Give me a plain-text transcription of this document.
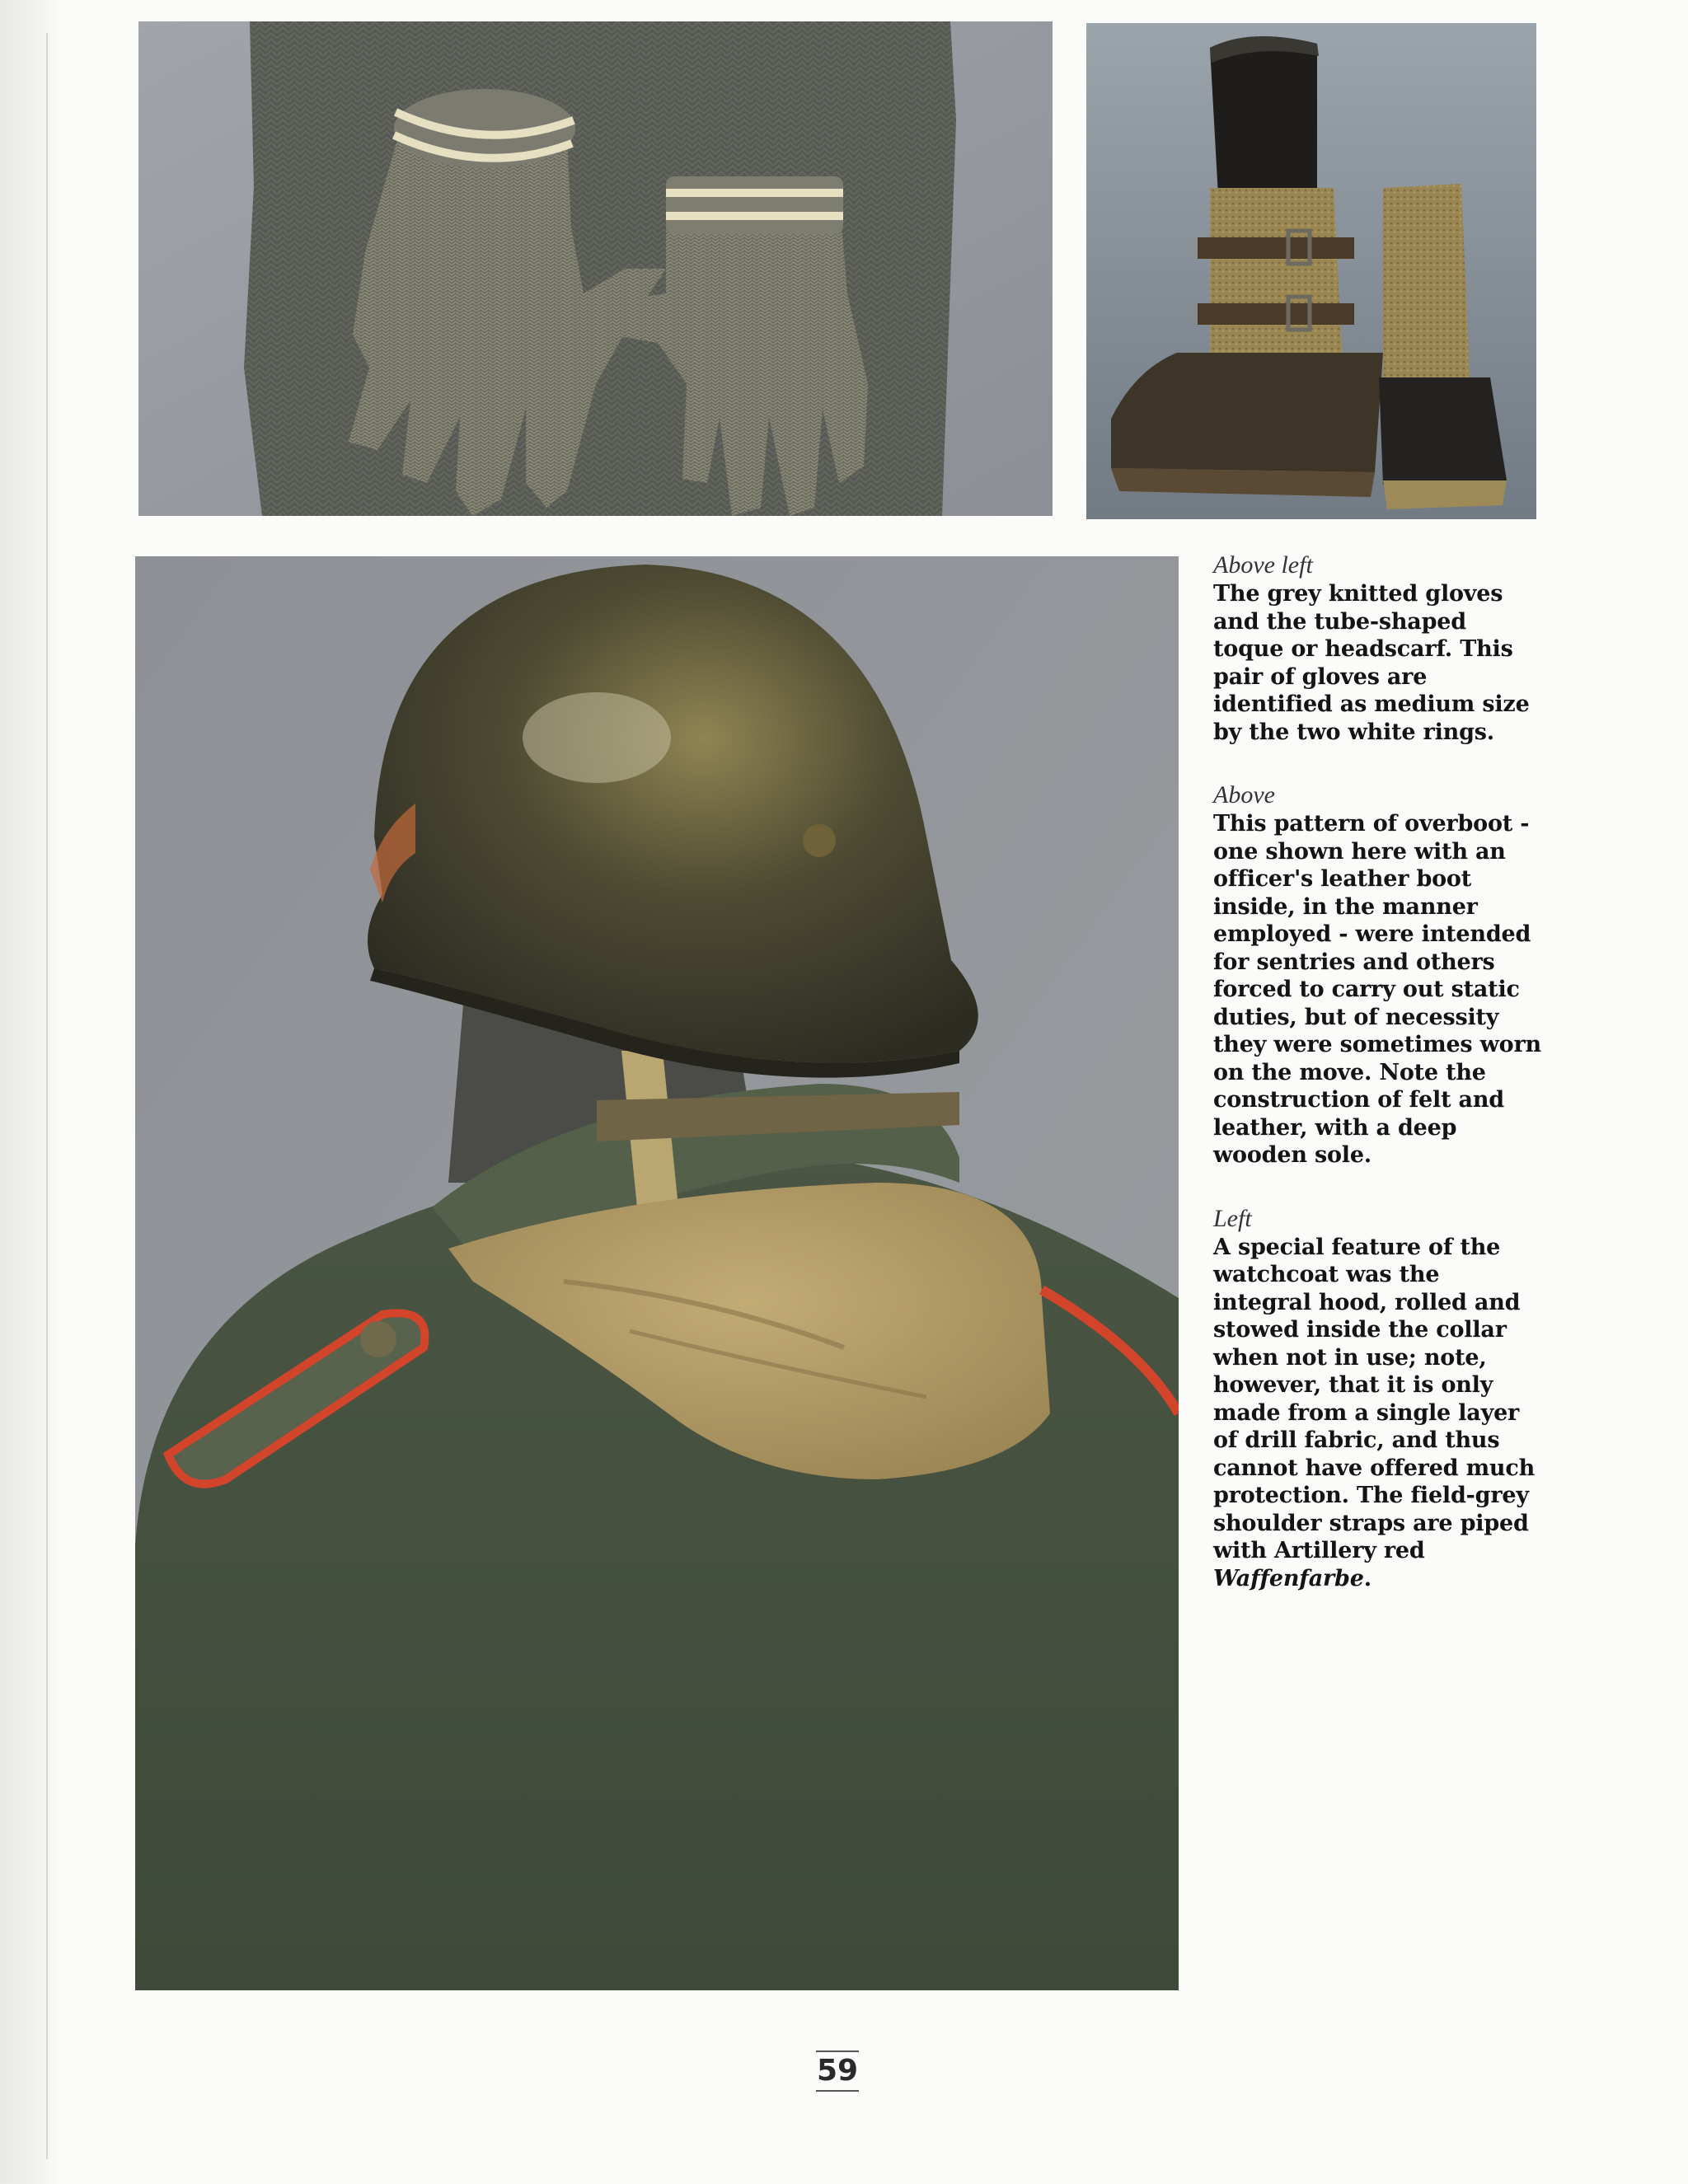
Above left

The grey knitted gloves and the tube-shaped toque or headscarf. This pair of gloves are identified as medium size by the two white rings.

Above

This pattern of overboot - one shown here with an officer's leather boot inside, in the manner employed - were intended for sentries and others forced to carry out static duties, but of necessity they were sometimes worn on the move. Note the construction of felt and leather, with a deep wooden sole.

Left

A special feature of the watchcoat was the integral hood, rolled and stowed inside the collar when not in use; note, however, that it is only made from a single layer of drill fabric, and thus cannot have offered much protection. The field-grey shoulder straps are piped with Artillery red Waffenfarbe.

59
